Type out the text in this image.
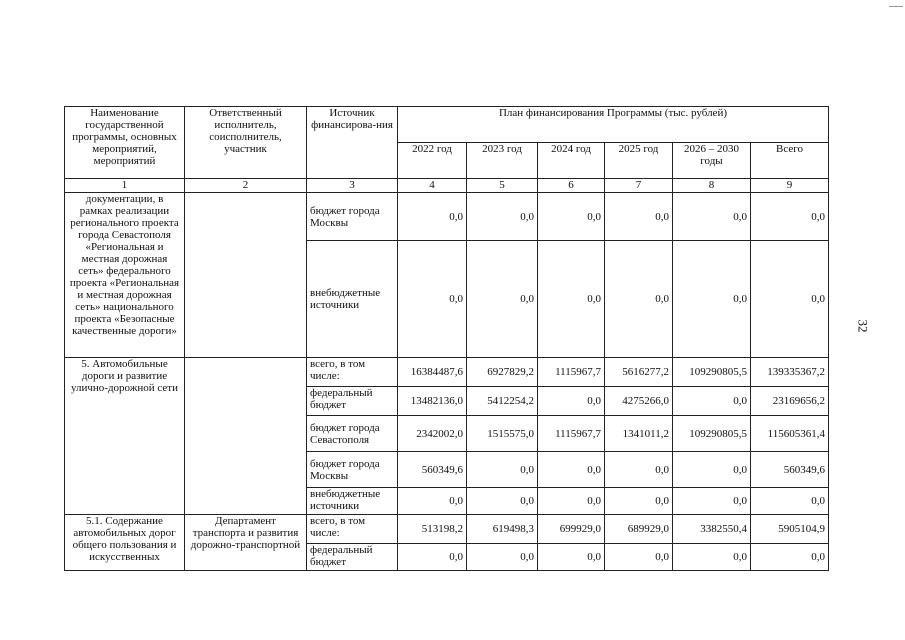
Наименование государственной программы, основных мероприятий, мероприятий	Ответственный исполнитель, соисполнитель, участник	Источник финансирова-ния	План финансирования Программы (тыс. рублей)					
			2022 год	2023 год	2024 год	2025 год	2026 – 2030 годы	Всего
1	2	3	4	5	6	7	8	9
документации, в рамках реализации регионального проекта города Севастополя «Региональная и местная дорожная сеть» федерального проекта «Региональная и местная дорожная сеть» национального проекта «Безопасные качественные дороги»		бюджет города Москвы	0,0	0,0	0,0	0,0	0,0	0,0
		внебюджетные источники	0,0	0,0	0,0	0,0	0,0	0,0
5. Автомобильные дороги и развитие улично-дорожной сети		всего, в том числе:	16384487,6	6927829,2	1115967,7	5616277,2	109290805,5	139335367,2
		федеральный бюджет	13482136,0	5412254,2	0,0	4275266,0	0,0	23169656,2
		бюджет города Севастополя	2342002,0	1515575,0	1115967,7	1341011,2	109290805,5	115605361,4
		бюджет города Москвы	560349,6	0,0	0,0	0,0	0,0	560349,6
		внебюджетные источники	0,0	0,0	0,0	0,0	0,0	0,0
5.1. Содержание автомобильных дорог общего пользования и искусственных	Департамент транспорта и развития дорожно-транспортной	всего, в том числе:	513198,2	619498,3	699929,0	689929,0	3382550,4	5905104,9
		федеральный бюджет	0,0	0,0	0,0	0,0	0,0	0,0
32
